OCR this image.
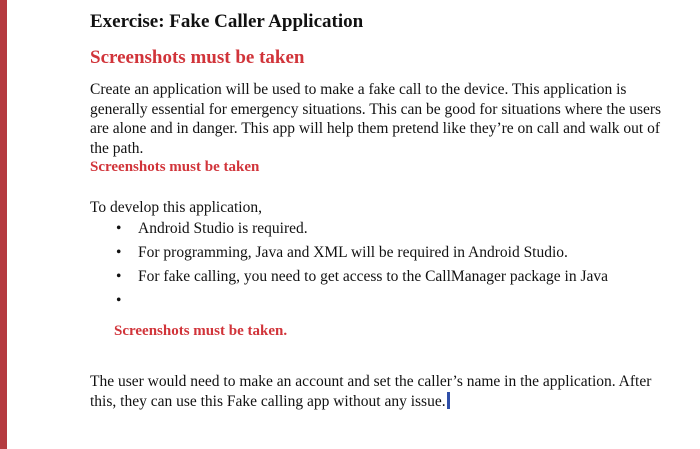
Exercise: Fake Caller Application
Screenshots must be taken

Create an application will be used to make a fake call to the device. This application is generally essential for emergency situations. This can be good for situations where the users are alone and in danger. This app will help them pretend like they’re on call and walk out of the path.

Screenshots must be taken

To develop this application,

• Android Studio is required.
• For programming, Java and XML will be required in Android Studio.
• For fake calling, you need to get access to the CallManager package in Java
•

Screenshots must be taken.

The user would need to make an account and set the caller’s name in the application. After this, they can use this Fake calling app without any issue.
